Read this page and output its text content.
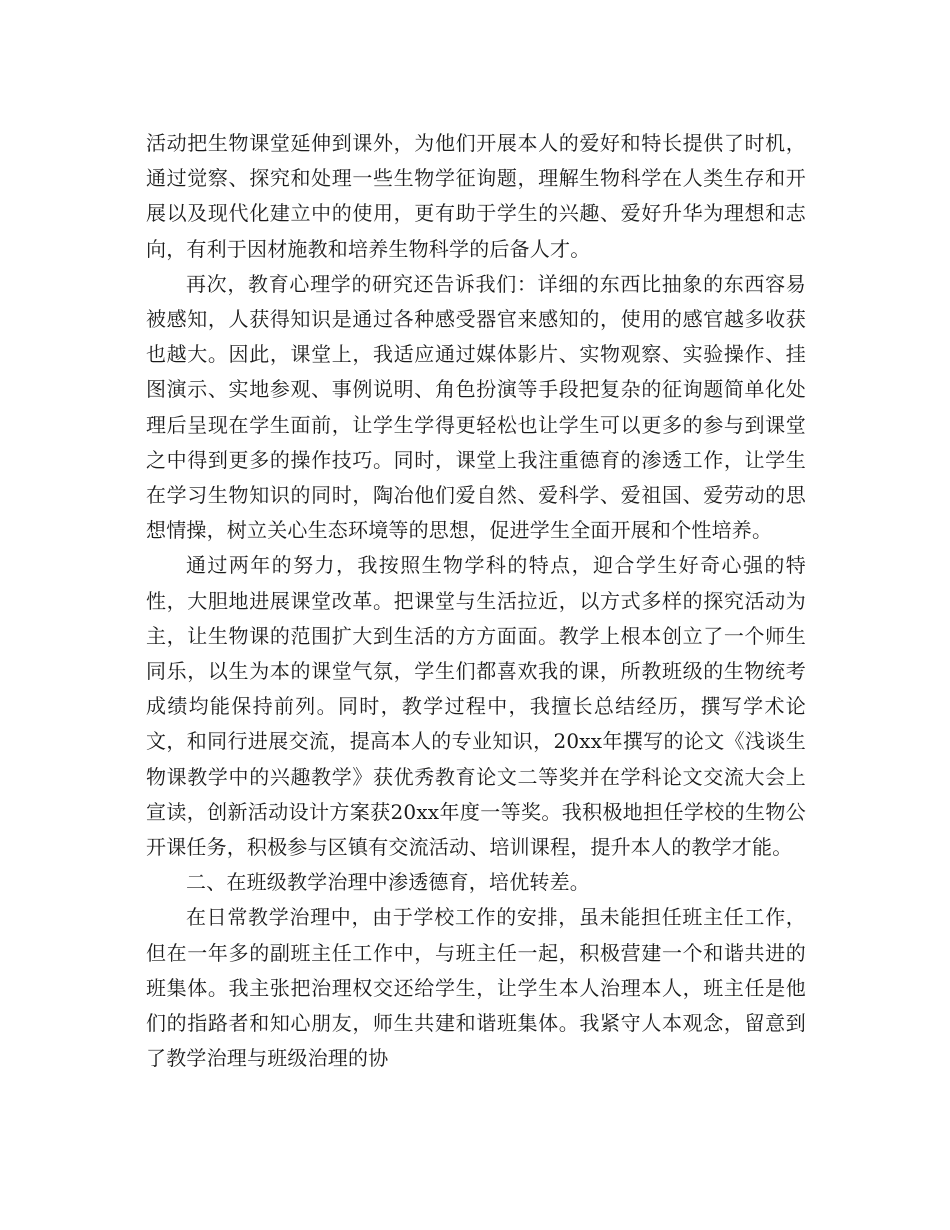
活动把生物课堂延伸到课外，为他们开展本人的爱好和特长提供了时机，通过觉察、探究和处理一些生物学征询题，理解生物科学在人类生存和开展以及现代化建立中的使用，更有助于学生的兴趣、爱好升华为理想和志向，有利于因材施教和培养生物科学的后备人才。

再次，教育心理学的研究还告诉我们：详细的东西比抽象的东西容易被感知，人获得知识是通过各种感受器官来感知的，使用的感官越多收获也越大。因此，课堂上，我适应通过媒体影片、实物观察、实验操作、挂图演示、实地参观、事例说明、角色扮演等手段把复杂的征询题简单化处理后呈现在学生面前，让学生学得更轻松也让学生可以更多的参与到课堂之中得到更多的操作技巧。同时，课堂上我注重德育的渗透工作，让学生在学习生物知识的同时，陶冶他们爱自然、爱科学、爱祖国、爱劳动的思想情操，树立关心生态环境等的思想，促进学生全面开展和个性培养。

通过两年的努力，我按照生物学科的特点，迎合学生好奇心强的特性，大胆地进展课堂改革。把课堂与生活拉近，以方式多样的探究活动为主，让生物课的范围扩大到生活的方方面面。教学上根本创立了一个师生同乐，以生为本的课堂气氛，学生们都喜欢我的课，所教班级的生物统考成绩均能保持前列。同时，教学过程中，我擅长总结经历，撰写学术论文，和同行进展交流，提高本人的专业知识，20xx年撰写的论文《浅谈生物课教学中的兴趣教学》获优秀教育论文二等奖并在学科论文交流大会上宣读，创新活动设计方案获20xx年度一等奖。我积极地担任学校的生物公开课任务，积极参与区镇有交流活动、培训课程，提升本人的教学才能。

二、在班级教学治理中渗透德育，培优转差。

在日常教学治理中，由于学校工作的安排，虽未能担任班主任工作，但在一年多的副班主任工作中，与班主任一起，积极营建一个和谐共进的班集体。我主张把治理权交还给学生，让学生本人治理本人，班主任是他们的指路者和知心朋友，师生共建和谐班集体。我紧守人本观念，留意到了教学治理与班级治理的协
